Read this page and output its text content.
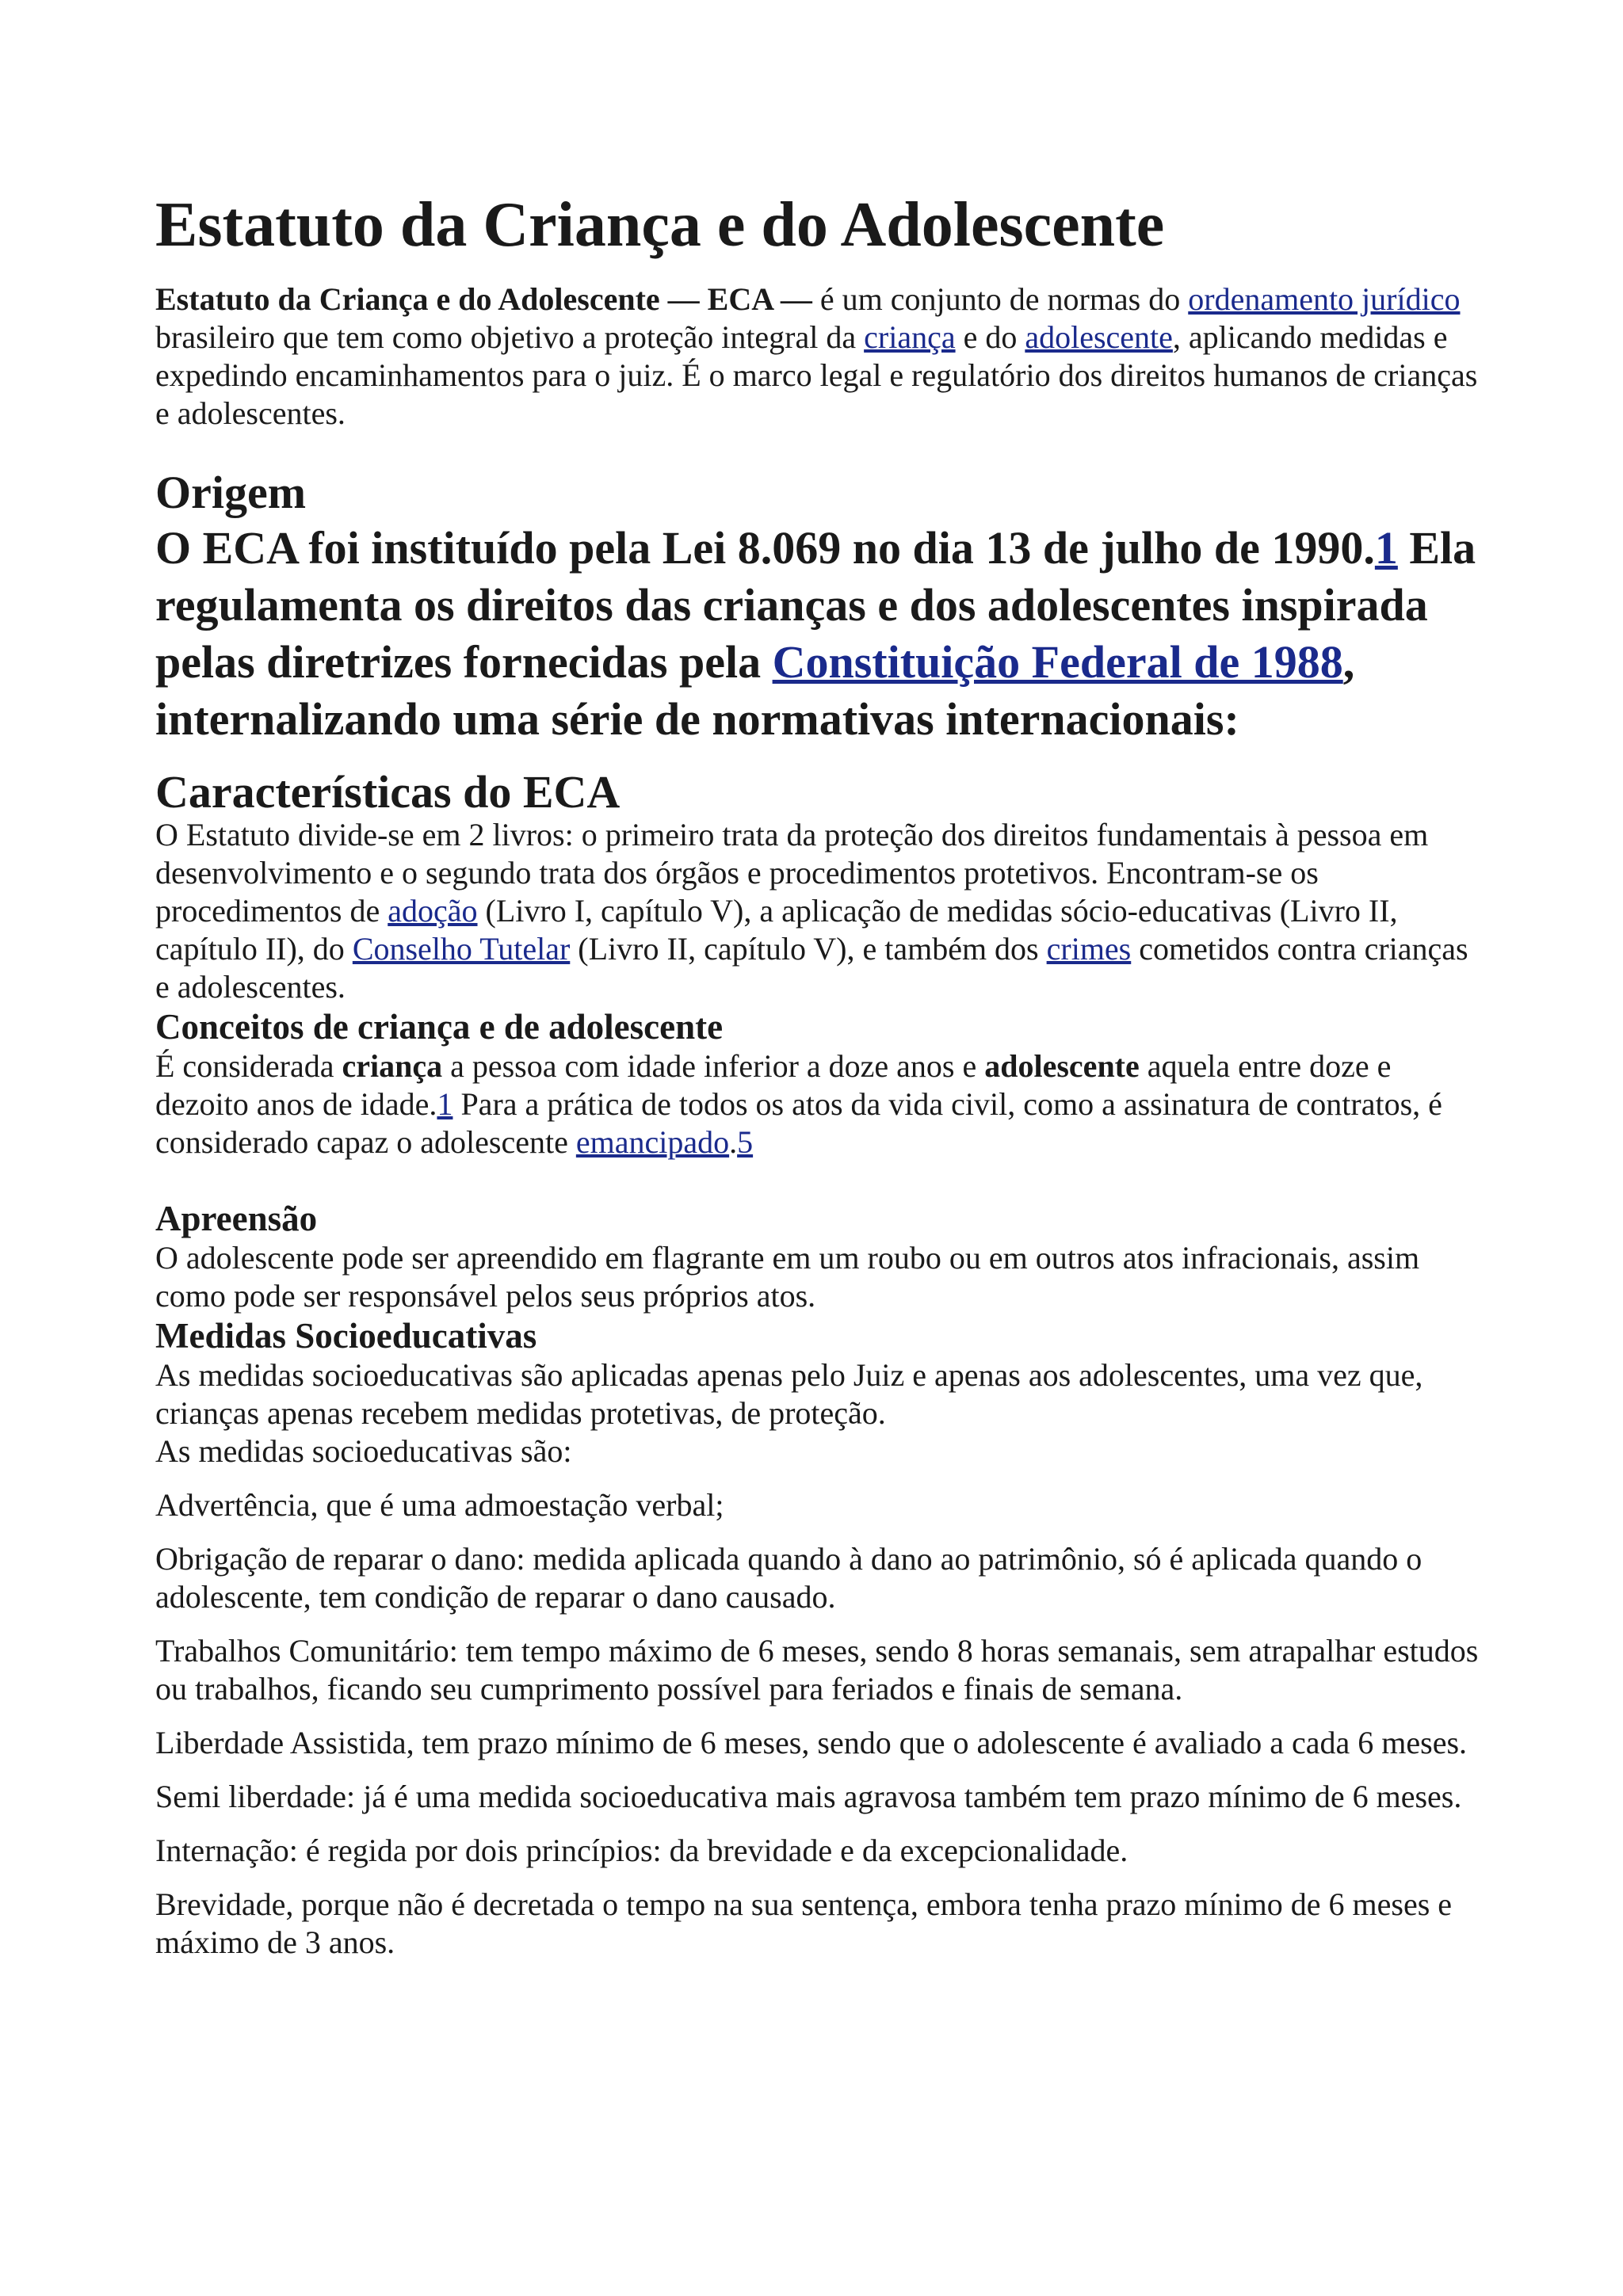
Estatuto da Criança e do Adolescente

Estatuto da Criança e do Adolescente — ECA — é um conjunto de normas do ordenamento jurídico brasileiro que tem como objetivo a proteção integral da criança e do adolescente, aplicando medidas e expedindo encaminhamentos para o juiz. É o marco legal e regulatório dos direitos humanos de crianças e adolescentes.

Origem
O ECA foi instituído pela Lei 8.069 no dia 13 de julho de 1990.1 Ela regulamenta os direitos das crianças e dos adolescentes inspirada pelas diretrizes fornecidas pela Constituição Federal de 1988, internalizando uma série de normativas internacionais:
Características do ECA

O Estatuto divide-se em 2 livros: o primeiro trata da proteção dos direitos fundamentais à pessoa em desenvolvimento e o segundo trata dos órgãos e procedimentos protetivos. Encontram-se os procedimentos de adoção (Livro I, capítulo V), a aplicação de medidas sócio-educativas (Livro II, capítulo II), do Conselho Tutelar (Livro II, capítulo V), e também dos crimes cometidos contra crianças e adolescentes.

Conceitos de criança e de adolescente

É considerada criança a pessoa com idade inferior a doze anos e adolescente aquela entre doze e dezoito anos de idade.1 Para a prática de todos os atos da vida civil, como a assinatura de contratos, é considerado capaz o adolescente emancipado.5

Apreensão

O adolescente pode ser apreendido em flagrante em um roubo ou em outros atos infracionais, assim como pode ser responsável pelos seus próprios atos.

Medidas Socioeducativas

As medidas socioeducativas são aplicadas apenas pelo Juiz e apenas aos adolescentes, uma vez que, crianças apenas recebem medidas protetivas, de proteção.

As medidas socioeducativas são:

Advertência, que é uma admoestação verbal;

Obrigação de reparar o dano: medida aplicada quando à dano ao patrimônio, só é aplicada quando o adolescente, tem condição de reparar o dano causado.

Trabalhos Comunitário: tem tempo máximo de 6 meses, sendo 8 horas semanais, sem atrapalhar estudos ou trabalhos, ficando seu cumprimento possível para feriados e finais de semana.

Liberdade Assistida, tem prazo mínimo de 6 meses, sendo que o adolescente é avaliado a cada 6 meses.

Semi liberdade: já é uma medida socioeducativa mais agravosa também tem prazo mínimo de 6 meses.

Internação: é regida por dois princípios: da brevidade e da excepcionalidade.

Brevidade, porque não é decretada o tempo na sua sentença, embora tenha prazo mínimo de 6 meses e máximo de 3 anos.
